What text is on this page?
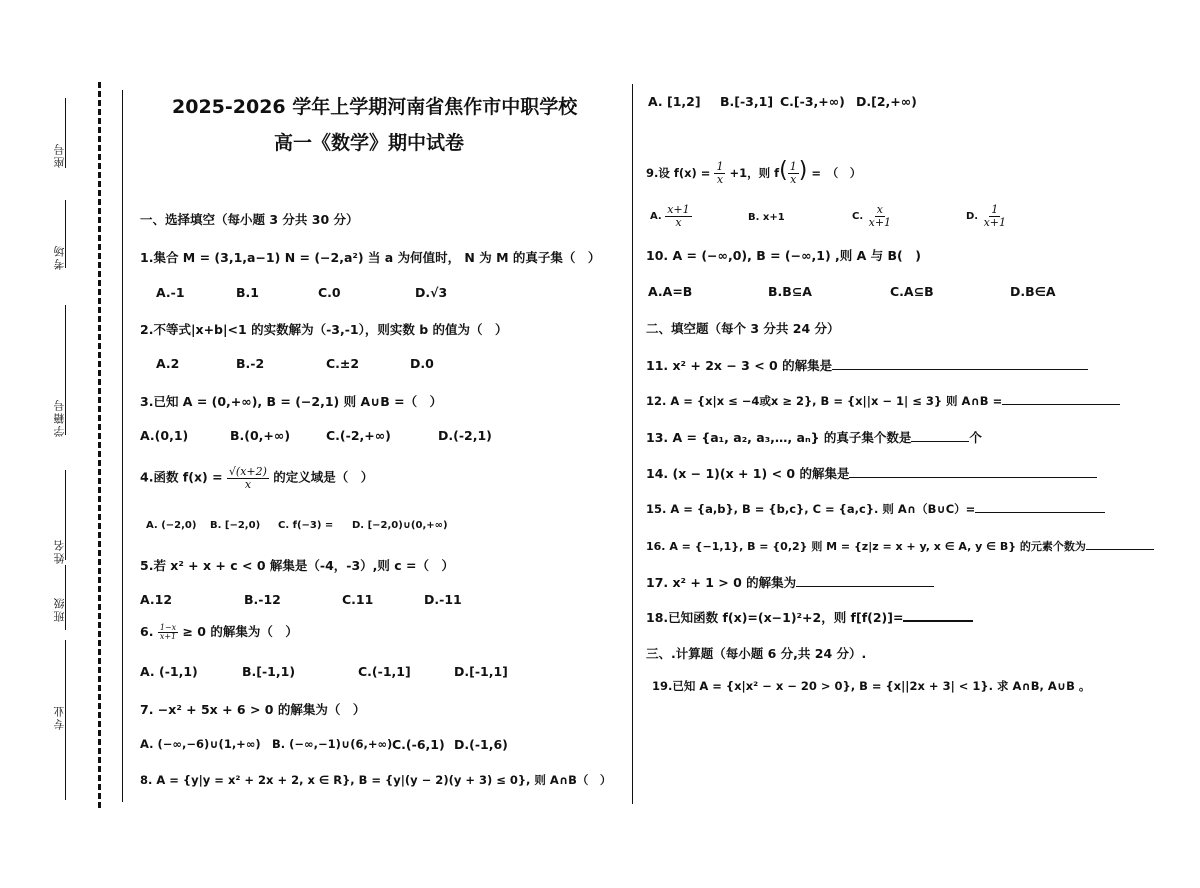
座号
考场
学籍号
姓名
班级
专业
2025-2026 学年上学期河南省焦作市中职学校
高一《数学》期中试卷
一、选择填空（每小题 3 分共 30 分）
1.集合 M = (3,1,a−1) N = (−2,a²) 当 a 为何值时， N 为 M 的真子集（　）
A.-1	B.1	C.0	D.√3
2.不等式|x+b|<1 的实数解为（-3,-1），则实数 b 的值为（　）
A.2	B.-2	C.±2	D.0
3.已知 A = (0,+∞), B = (−2,1) 则 A∪B =（　）
A.(0,1)	B.(0,+∞)	C.(-2,+∞)	D.(-2,1)
4.函数 $f(x) = \frac{√(x+2)}{x}$ 的定义域是（　）
A. (−2,0) B. [−2,0) C. f(−3) = D. [−2,0)∪(0,+∞)
5.若 x² + x + c < 0 解集是（-4，-3）,则 c =（　）
A.12	B.-12	C.11	D.-11
6. $\frac{1-x}{x+1} \ge 0$ 的解集为（　）
A. (-1,1)	B.[-1,1)	C.(-1,1]	D.[-1,1]
7. −x² + 5x + 6 > 0 的解集为（　）
A. (−∞,−6)∪(1,+∞) B. (−∞,−1)∪(6,+∞) C.(-6,1) D.(-1,6)
8. A = {y|y = x² + 2x + 2, x ∈ R}, B = {y|(y − 2)(y + 3) ≤ 0}, 则 A∩B（　）
A. [1,2] B.[-3,1] C.[-3,+∞) D.[2,+∞)
9.设 $f(x) = \frac{1}{x} +1$，则 $f( \frac{1}{x}$ ) =　（　）
A. $\frac{x+1}{x}$	B. x+1	C. $\frac{x}{x+1}$	D. $\frac{1}{x+1}$
10. A = (−∞,0), B = (−∞,1) ,则 A 与 B(　)
A.A=B	B.B⊆A	C.A⊆B	D.B∈A
二、填空题（每个 3 分共 24 分）
11. x² + 2x − 3 < 0 的解集是
12. A = {x|x ≤ −4或x ≥ 2}, B = {x||x − 1| ≤ 3} 则 A∩B =
13. A = {a₁, a₂, a₃,…, aₙ} 的真子集个数是	个
14. (x − 1)(x + 1) < 0 的解集是
15. A = {a,b}, B = {b,c}, C = {a,c}. 则 A∩（B∪C）=
16. A = {−1,1}, B = {0,2} 则 M = {z|z = x + y, x ∈ A, y ∈ B} 的元素个数为
17. x² + 1 > 0 的解集为
18.已知函数 f(x)=(x−1)²+2，则 f[f(2)]=
三、.计算题（每小题 6 分,共 24 分）.
19.已知 A = {x|x² − x − 20 > 0}, B = {x||2x + 3| < 1}. 求 A∩B, A∪B 。
